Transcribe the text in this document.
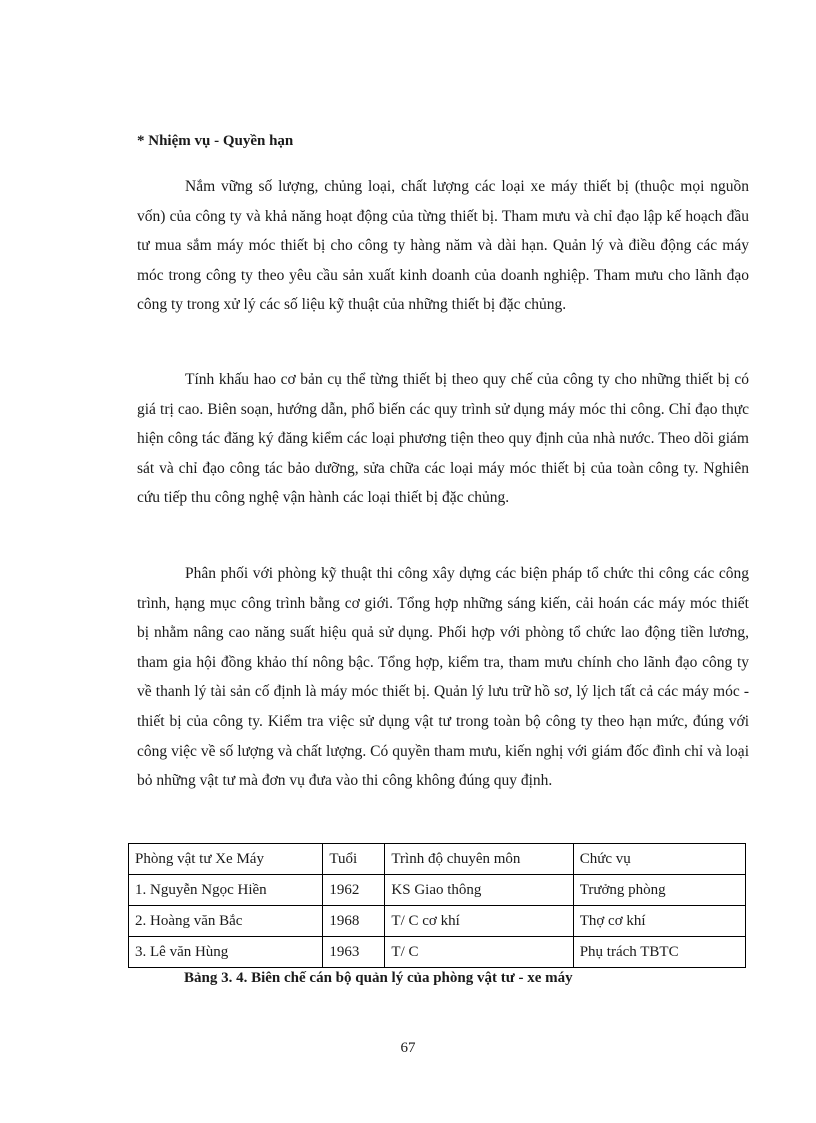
* Nhiệm vụ - Quyền hạn

Nắm vững số lượng, chủng loại, chất lượng các loại xe máy thiết bị (thuộc mọi nguồn vốn) của công ty và khả năng hoạt động của từng thiết bị. Tham mưu và chỉ đạo lập kế hoạch đầu tư mua sắm máy móc thiết bị cho công ty hàng năm và dài hạn. Quản lý và điều động các máy móc trong công ty theo yêu cầu sản xuất kinh doanh của doanh nghiệp. Tham mưu cho lãnh đạo công ty trong xử lý các số liệu kỹ thuật của những thiết bị đặc chủng.

Tính khấu hao cơ bản cụ thể từng thiết bị theo quy chế của công ty cho những thiết bị có giá trị cao. Biên soạn, hướng dẫn, phổ biến các quy trình sử dụng máy móc thi công. Chỉ đạo thực hiện công tác đăng ký đăng kiểm các loại phương tiện theo quy định của nhà nước. Theo dõi giám sát và chỉ đạo công tác bảo dưỡng, sửa chữa các loại máy móc thiết bị của toàn công ty. Nghiên cứu tiếp thu công nghệ vận hành các loại thiết bị đặc chủng.

Phân phối với phòng kỹ thuật thi công xây dựng các biện pháp tổ chức thi công các công trình, hạng mục công trình bằng cơ giới. Tổng hợp những sáng kiến, cải hoán các máy móc thiết bị nhằm nâng cao năng suất hiệu quả sử dụng. Phối hợp với phòng tổ chức lao động tiền lương, tham gia hội đồng khảo thí nông bậc. Tổng hợp, kiểm tra, tham mưu chính cho lãnh đạo công ty về thanh lý tài sản cố định là máy móc thiết bị. Quản lý lưu trữ hồ sơ, lý lịch tất cả các máy móc - thiết bị của công ty. Kiểm tra việc sử dụng vật tư trong toàn bộ công ty theo hạn mức, đúng với công việc về số lượng và chất lượng. Có quyền tham mưu, kiến nghị với giám đốc đình chỉ và loại bỏ những vật tư mà đơn vụ đưa vào thi công không đúng quy định.

Phòng vật tư Xe Máy	Tuổi	Trình độ chuyên môn	Chức vụ
1. Nguyễn Ngọc Hiền	1962	KS Giao thông	Trưởng phòng
2. Hoàng văn Bắc	1968	T/ C cơ khí	Thợ cơ khí
3. Lê văn Hùng	1963	T/ C	Phụ trách TBTC

Bảng 3. 4. Biên chế cán bộ quản lý của phòng vật tư - xe máy

67
